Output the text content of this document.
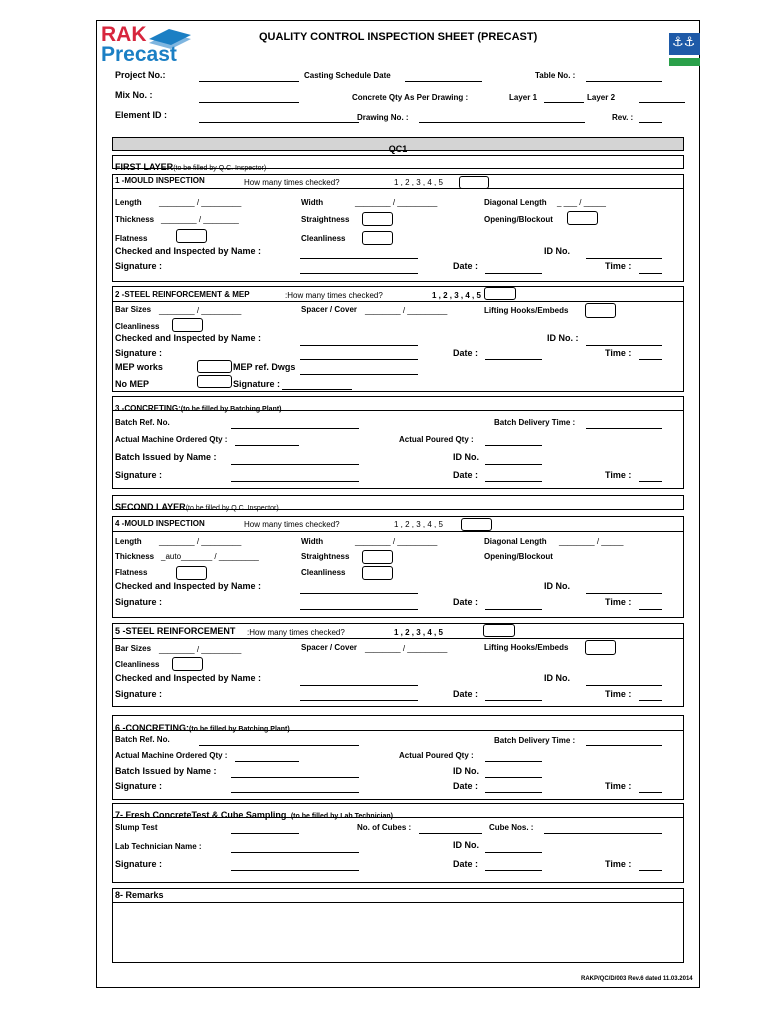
RAK
Precast
QUALITY CONTROL INSPECTION SHEET (PRECAST)	⚓⚓
Project No.:	Casting Schedule Date	Table No. :
Mix No. :	Concrete Qty As Per Drawing :	Layer 1	Layer 2
Element ID :	Drawing No. :	Rev. :
QC1
FIRST LAYER(to be filled by Q.C. Inspector)
1 -MOULD INSPECTION	How many times checked?	1 , 2 , 3 , 4 , 5
Length ________ / _________	Width	________ / _________	Diagonal Length _ ___ / _____
Thickness ________ / ________	Straightness	Opening/Blockout
Flatness	Cleanliness
Checked and Inspected by Name :	ID No.
Signature :	Date :	Time :
2 -STEEL REINFORCEMENT & MEP	:How many times checked?	1 , 2 , 3 , 4 , 5
Bar Sizes ________ / _________	Spacer / Cover ________ / _________	Lifting Hooks/Embeds
Cleanliness
Checked and Inspected by Name :	ID No. :
Signature :	Date :	Time :
MEP works	MEP ref. Dwgs
No MEP	Signature :
3 -CONCRETING:(to be filled by Batching Plant)
Batch Ref. No.	Batch Delivery Time :
Actual Machine Ordered Qty :	Actual Poured Qty :
Batch Issued by Name :	ID No.
Signature :	Date :	Time :
SECOND LAYER(to be filled by Q.C. Inspector)
4 -MOULD INSPECTION	How many times checked?	1 , 2 , 3 , 4 , 5
Length ________ / _________	Width	________ / _________	Diagonal Length ________ / _____
Thickness _auto_______ / _________	Straightness	Opening/Blockout
Flatness	Cleanliness
Checked and Inspected by Name :	ID No.
Signature :	Date :	Time :
5 -STEEL REINFORCEMENT :How many times checked?	1 , 2 , 3 , 4 , 5
Bar Sizes ________ / _________	Spacer / Cover ________ / _________	Lifting Hooks/Embeds
Cleanliness
Checked and Inspected by Name :	ID No.
Signature :	Date :	Time :
6 -CONCRETING:(to be filled by Batching Plant)
Batch Ref. No.	Batch Delivery Time :
Actual Machine Ordered Qty :	Actual Poured Qty :
Batch Issued by Name :	ID No.
Signature :	Date :	Time :
7- Fresh ConcreteTest & Cube Sampling (to be filled by Lab Technician)
Slump Test	No. of Cubes :	Cube Nos. :
Lab Technician Name :	ID No.
Signature :	Date :	Time :
8- Remarks
RAKP/QC/D/003 Rev.6 dated 11.03.2014
